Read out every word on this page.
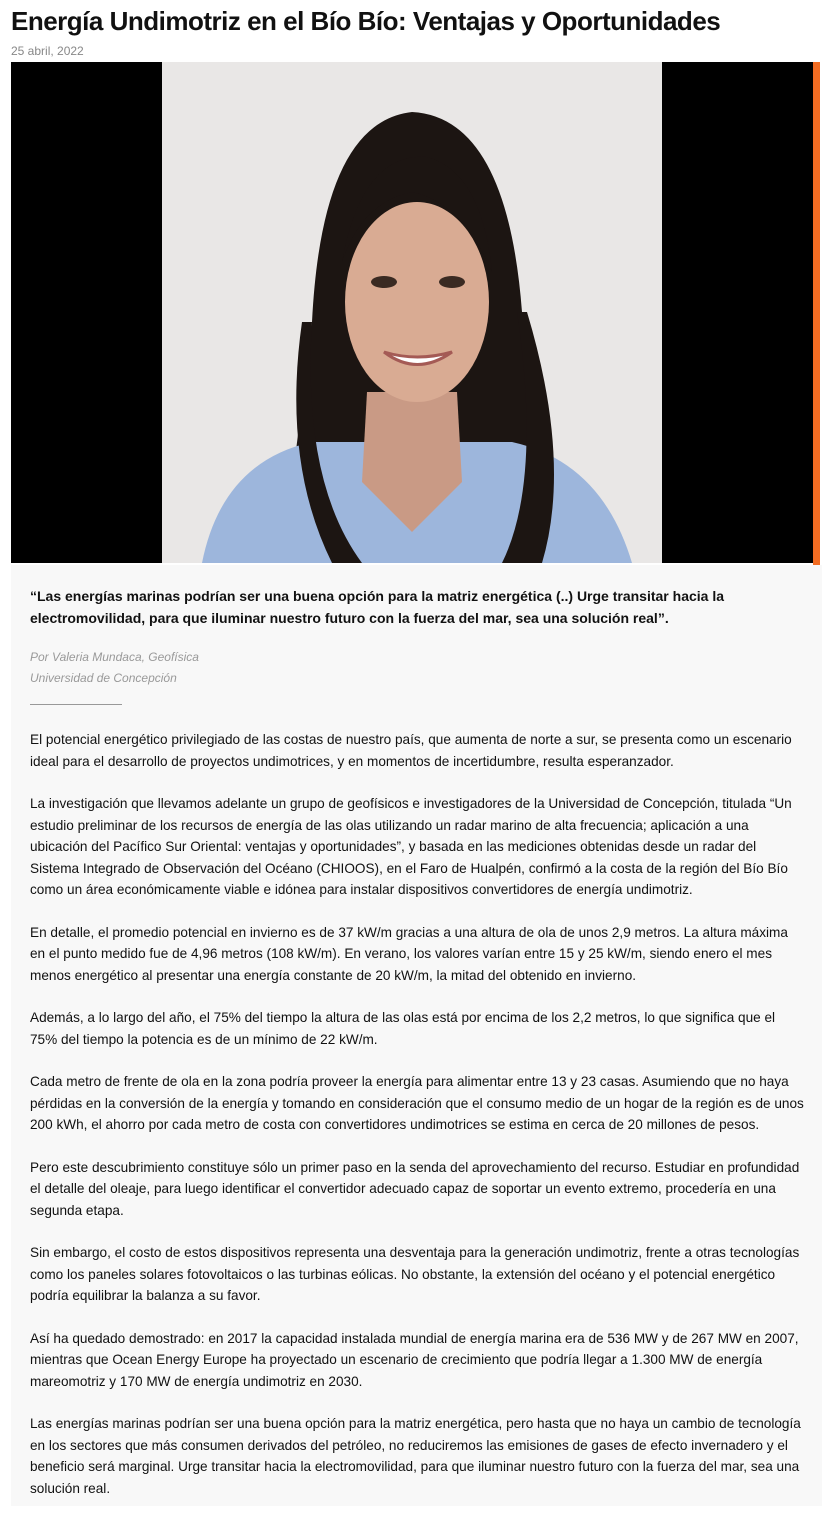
Energía Undimotriz en el Bío Bío: Ventajas y Oportunidades
25 abril, 2022
“Las energías marinas podrían ser una buena opción para la matriz energética (..) Urge transitar hacia la electromovilidad, para que iluminar nuestro futuro con la fuerza del mar, sea una solución real”.
Por Valeria Mundaca, Geofísica
Universidad de Concepción

El potencial energético privilegiado de las costas de nuestro país, que aumenta de norte a sur, se presenta como un escenario ideal para el desarrollo de proyectos undimotrices, y en momentos de incertidumbre, resulta esperanzador.

La investigación que llevamos adelante un grupo de geofísicos e investigadores de la Universidad de Concepción, titulada “Un estudio preliminar de los recursos de energía de las olas utilizando un radar marino de alta frecuencia; aplicación a una ubicación del Pacífico Sur Oriental: ventajas y oportunidades”, y basada en las mediciones obtenidas desde un radar del Sistema Integrado de Observación del Océano (CHIOOS), en el Faro de Hualpén, confirmó a la costa de la región del Bío Bío como un área económicamente viable e idónea para instalar dispositivos convertidores de energía undimotriz.

En detalle, el promedio potencial en invierno es de 37 kW/m gracias a una altura de ola de unos 2,9 metros. La altura máxima en el punto medido fue de 4,96 metros (108 kW/m). En verano, los valores varían entre 15 y 25 kW/m, siendo enero el mes menos energético al presentar una energía constante de 20 kW/m, la mitad del obtenido en invierno.

Además, a lo largo del año, el 75% del tiempo la altura de las olas está por encima de los 2,2 metros, lo que significa que el 75% del tiempo la potencia es de un mínimo de 22 kW/m.

Cada metro de frente de ola en la zona podría proveer la energía para alimentar entre 13 y 23 casas. Asumiendo que no haya pérdidas en la conversión de la energía y tomando en consideración que el consumo medio de un hogar de la región es de unos 200 kWh, el ahorro por cada metro de costa con convertidores undimotrices se estima en cerca de 20 millones de pesos.

Pero este descubrimiento constituye sólo un primer paso en la senda del aprovechamiento del recurso. Estudiar en profundidad el detalle del oleaje, para luego identificar el convertidor adecuado capaz de soportar un evento extremo, procedería en una segunda etapa.

Sin embargo, el costo de estos dispositivos representa una desventaja para la generación undimotriz, frente a otras tecnologías como los paneles solares fotovoltaicos o las turbinas eólicas. No obstante, la extensión del océano y el potencial energético podría equilibrar la balanza a su favor.

Así ha quedado demostrado: en 2017 la capacidad instalada mundial de energía marina era de 536 MW y de 267 MW en 2007, mientras que Ocean Energy Europe ha proyectado un escenario de crecimiento que podría llegar a 1.300 MW de energía mareomotriz y 170 MW de energía undimotriz en 2030.

Las energías marinas podrían ser una buena opción para la matriz energética, pero hasta que no haya un cambio de tecnología en los sectores que más consumen derivados del petróleo, no reduciremos las emisiones de gases de efecto invernadero y el beneficio será marginal. Urge transitar hacia la electromovilidad, para que iluminar nuestro futuro con la fuerza del mar, sea una solución real.
